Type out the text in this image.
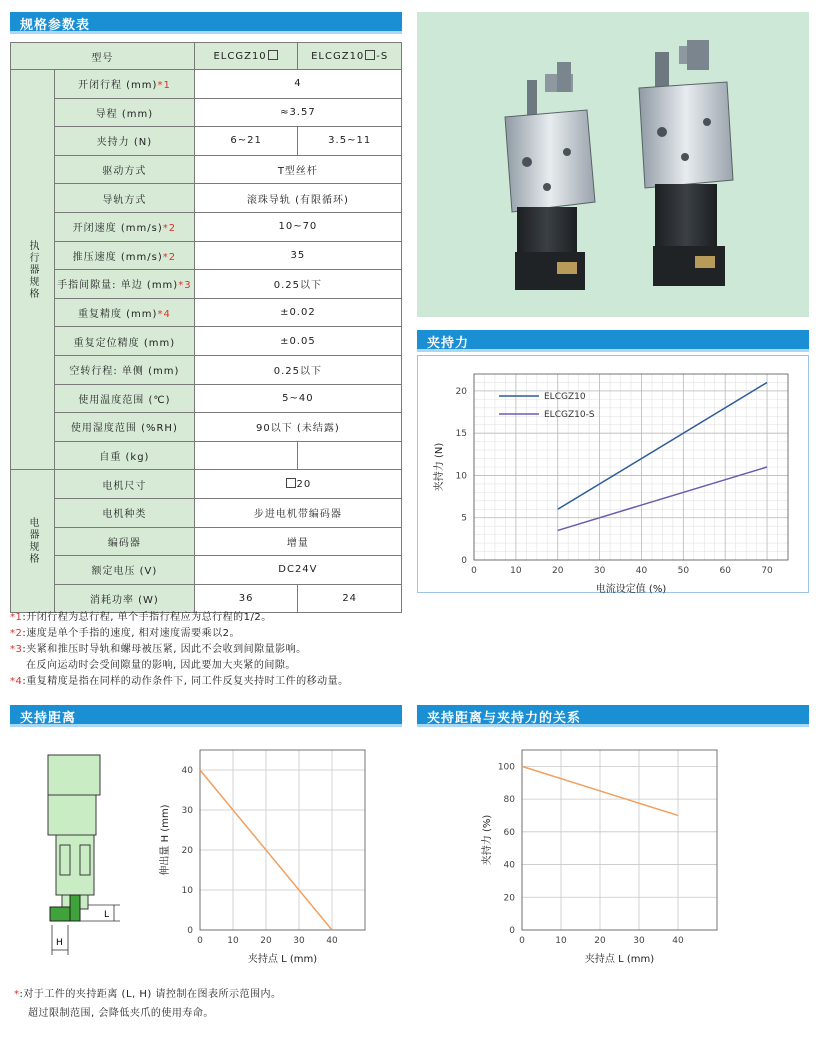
规格参数表
夹持力
夹持距离	夹持距离与夹持力的关系
型号		ELCGZ10	ELCGZ10 -S

执行器规格	开闭行程 (mm)*1	4	
	导程 (mm)	≈3.57	
	夹持力 (N)	6~21	3.5~11
	驱动方式	T型丝杆	
	导轨方式	滚珠导轨 (有限循环)	
	开闭速度 (mm/s)*2	10~70	
	推压速度 (mm/s)*2	35	
	手指间隙量: 单边 (mm)*3	0.25以下	
	重复精度 (mm)*4	±0.02	
	重复定位精度 (mm)	±0.05	
	空转行程: 单侧 (mm)	0.25以下	
	使用温度范围 (℃)	5~40	
	使用湿度范围 (%RH)	90以下 (未结露)	
	自重 (kg)		

电器规格	电机尺寸	20	
	电机种类	步进电机带编码器	
	编码器	增量	
	额定电压 (V)	DC24V	
	消耗功率 (W)	36	24
*1:开闭行程为总行程, 单个手指行程应为总行程的1/2。
*2:速度是单个手指的速度, 相对速度需要乘以2。
*3:夹紧和推压时导轨和螺母被压紧, 因此不会收到间隙量影响。
在反向运动时会受间隙量的影响, 因此要加大夹紧的间隙。
*4:重复精度是指在同样的动作条件下, 同工件反复夹持时工件的移动量。
0	10	20	30	40	50	60	70
0
5
10
15
20
电流设定值 (%)
夹持力 (N)
ELCGZ10
ELCGZ10-S
L
H	0	10 20 30 40
0
10
20
30
40
夹持点 L (mm)
伸出量 H (mm)
0	10	20	30	40
0
20
40
60
80
100
夹持点 L (mm)
夹持力 (%)
*:对于工件的夹持距离 (L, H) 请控制在图表所示范围内。
超过限制范围, 会降低夹爪的使用寿命。
